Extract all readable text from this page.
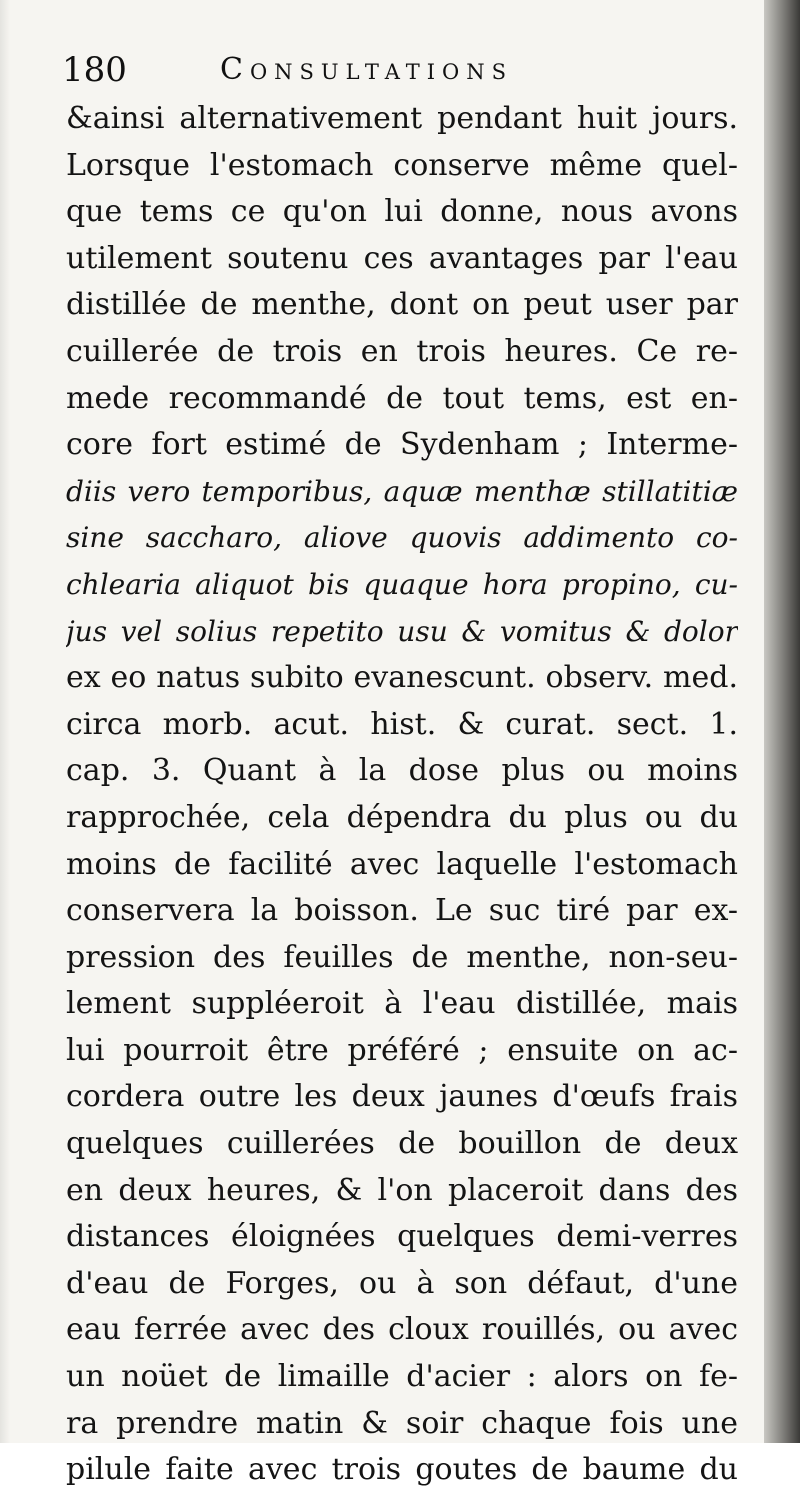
180	Consultations
&ainsi alternativement pendant huit jours.
Lorsque l'estomach conserve même quel-
que tems ce qu'on lui donne, nous avons
utilement soutenu ces avantages par l'eau
distillée de menthe, dont on peut user par
cuillerée de trois en trois heures. Ce re-
mede recommandé de tout tems, est en-
core fort estimé de Sydenham ; Interme-
diis vero temporibus, aquæ menthæ stillatitiæ
sine saccharo, aliove quovis addimento co-
chlearia aliquot bis quaque hora propino, cu-
jus vel solius repetito usu & vomitus & dolor
ex eo natus subito evanescunt. observ. med.
circa morb. acut. hist. & curat. sect. 1.
cap. 3. Quant à la dose plus ou moins
rapprochée, cela dépendra du plus ou du
moins de facilité avec laquelle l'estomach
conservera la boisson. Le suc tiré par ex-
pression des feuilles de menthe, non-seu-
lement suppléeroit à l'eau distillée, mais
lui pourroit être préféré ; ensuite on ac-
cordera outre les deux jaunes d'œufs frais
quelques cuillerées de bouillon de deux
en deux heures, & l'on placeroit dans des
distances éloignées quelques demi-verres
d'eau de Forges, ou à son défaut, d'une
eau ferrée avec des cloux rouillés, ou avec
un noüet de limaille d'acier : alors on fe-
ra prendre matin & soir chaque fois une
pilule faite avec trois goutes de baume du
